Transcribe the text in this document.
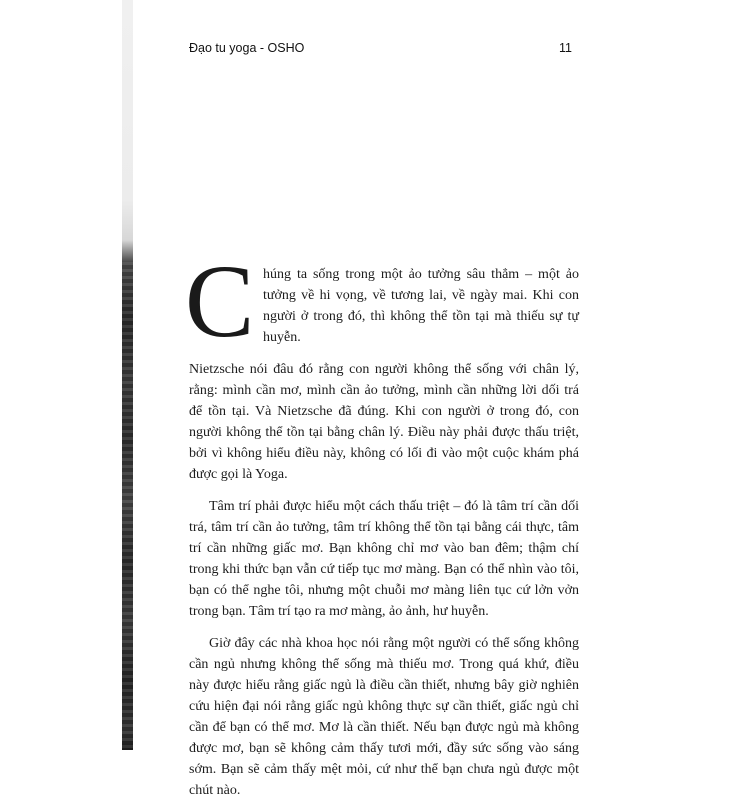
Đạo tu yoga - OSHO	11

Chúng ta sống trong một ảo tưởng sâu thẳm – một ảo tưởng về hi vọng, về tương lai, về ngày mai. Khi con người ở trong đó, thì không thể tồn tại mà thiếu sự tự huyễn.

Nietzsche nói đâu đó rằng con người không thể sống với chân lý, rằng: mình cần mơ, mình cần ảo tưởng, mình cần những lời dối trá để tồn tại. Và Nietzsche đã đúng. Khi con người ở trong đó, con người không thể tồn tại bằng chân lý. Điều này phải được thấu triệt, bởi vì không hiểu điều này, không có lối đi vào một cuộc khám phá được gọi là Yoga.

Tâm trí phải được hiểu một cách thấu triệt – đó là tâm trí cần dối trá, tâm trí cần ảo tưởng, tâm trí không thể tồn tại bằng cái thực, tâm trí cần những giấc mơ. Bạn không chỉ mơ vào ban đêm; thậm chí trong khi thức bạn vẫn cứ tiếp tục mơ màng. Bạn có thể nhìn vào tôi, bạn có thể nghe tôi, nhưng một chuỗi mơ màng liên tục cứ lởn vởn trong bạn. Tâm trí tạo ra mơ màng, ảo ảnh, hư huyễn.

Giờ đây các nhà khoa học nói rằng một người có thể sống không cần ngủ nhưng không thể sống mà thiếu mơ. Trong quá khứ, điều này được hiểu rằng giấc ngủ là điều cần thiết, nhưng bây giờ nghiên cứu hiện đại nói rằng giấc ngủ không thực sự cần thiết, giấc ngủ chỉ cần để bạn có thể mơ. Mơ là cần thiết. Nếu bạn được ngủ mà không được mơ, bạn sẽ không cảm thấy tươi mới, đầy sức sống vào sáng sớm. Bạn sẽ cảm thấy mệt mỏi, cứ như thể bạn chưa ngủ được một chút nào.
